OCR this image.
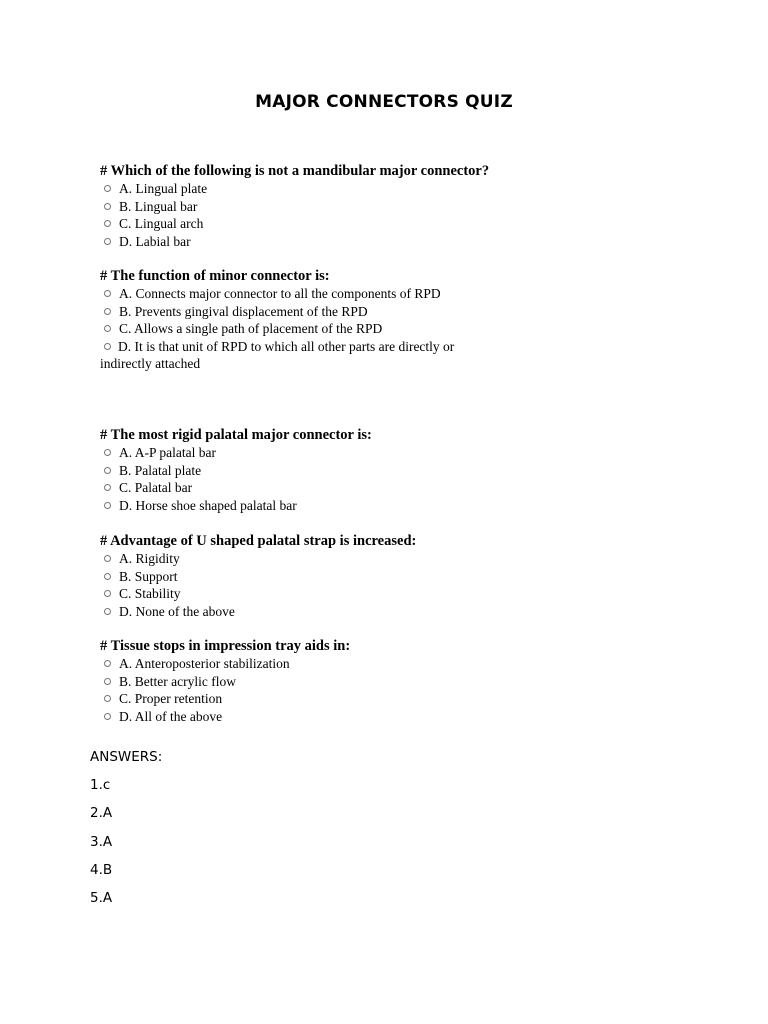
MAJOR CONNECTORS QUIZ
# Which of the following is not a mandibular major connector?
A. Lingual plate
B. Lingual bar
C. Lingual arch
D. Labial bar
# The function of minor connector is:
A. Connects major connector to all the components of RPD
B. Prevents gingival displacement of the RPD
C. Allows a single path of placement of the RPD
D. It is that unit of RPD to which all other parts are directly or indirectly attached
# The most rigid palatal major connector is:
A. A-P palatal bar
B. Palatal plate
C. Palatal bar
D. Horse shoe shaped palatal bar
# Advantage of U shaped palatal strap is increased:
A. Rigidity
B. Support
C. Stability
D. None of the above
# Tissue stops in impression tray aids in:
A. Anteroposterior stabilization
B. Better acrylic flow
C. Proper retention
D. All of the above
ANSWERS:
1.c
2.A
3.A
4.B
5.A
